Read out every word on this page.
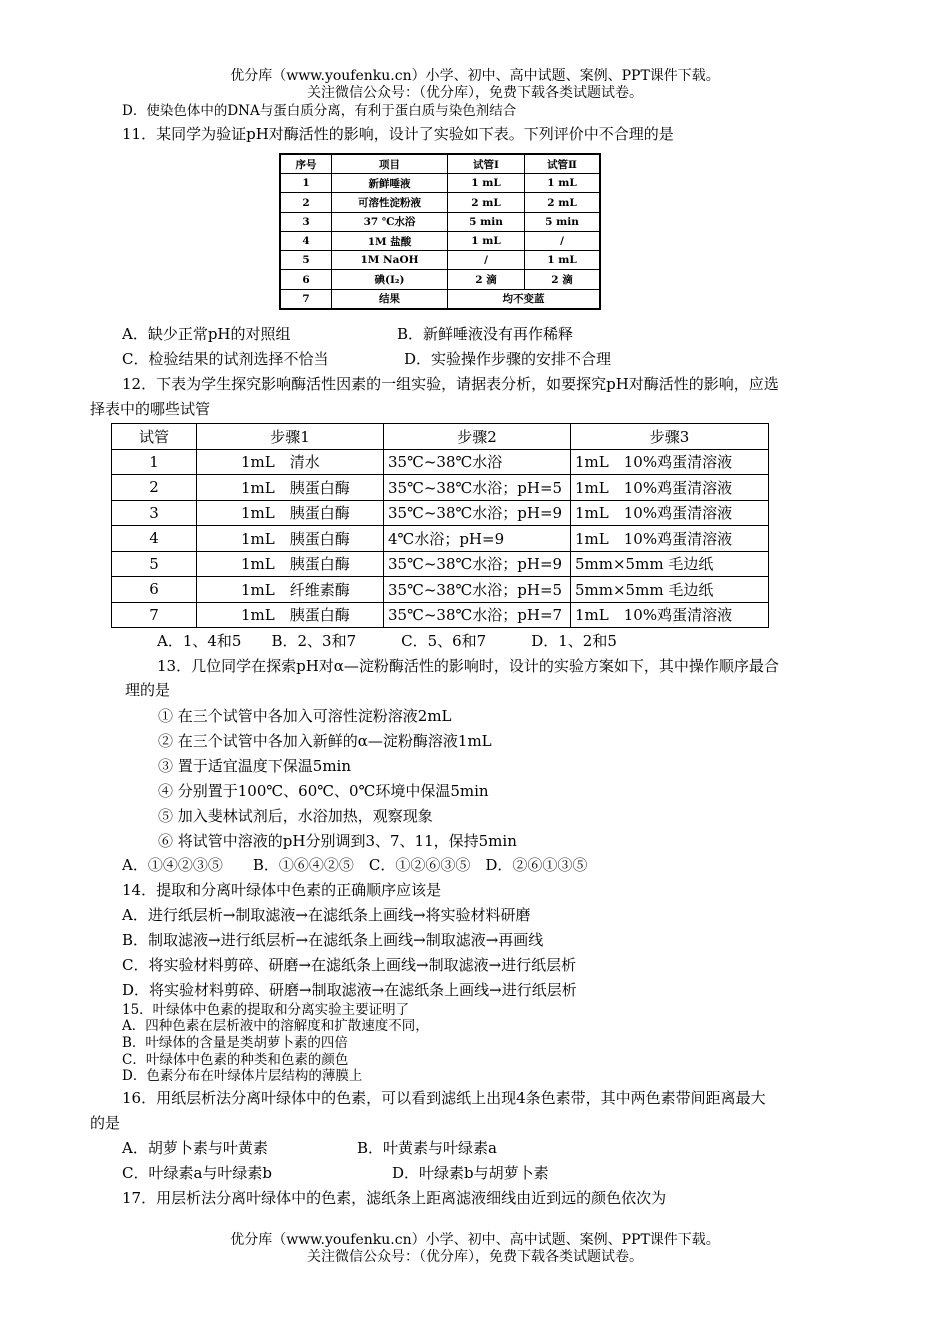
优分库（www.youfenku.cn）小学、初中、高中试题、案例、PPT课件下载。
关注微信公众号：（优分库），免费下载各类试题试卷。
D．使染色体中的DNA与蛋白质分离，有利于蛋白质与染色剂结合
11．某同学为验证pH对酶活性的影响，设计了实验如下表。下列评价中不合理的是
序号	项目	试管Ⅰ	试管Ⅱ
1	新鲜唾液	1 mL	1 mL
2	可溶性淀粉液	2 mL	2 mL
3	37 ℃水浴	5 min	5 min
4	1M 盐酸	1 mL	/
5	1M NaOH	/	1 mL
6	碘(I₂)	2 滴	2 滴
7	结果	均不变蓝	
A．缺少正常pH的对照组	B．新鲜唾液没有再作稀释
C．检验结果的试剂选择不恰当	D．实验操作步骤的安排不合理
12．下表为学生探究影响酶活性因素的一组实验，请据表分析，如要探究pH对酶活性的影响，应选
择表中的哪些试管
试管	步骤1	步骤2	步骤3
1	1mL　清水	35℃~38℃水浴	1mL　10%鸡蛋清溶液
2	1mL　胰蛋白酶	35℃~38℃水浴；pH=5	1mL　10%鸡蛋清溶液
3	1mL　胰蛋白酶	35℃~38℃水浴；pH=9	1mL　10%鸡蛋清溶液
4	1mL　胰蛋白酶	4℃水浴；pH=9	1mL　10%鸡蛋清溶液
5	1mL　胰蛋白酶	35℃~38℃水浴；pH=9	5mm×5mm 毛边纸
6	1mL　纤维素酶	35℃~38℃水浴；pH=5	5mm×5mm 毛边纸
7	1mL　胰蛋白酶	35℃~38℃水浴；pH=7	1mL　10%鸡蛋清溶液
A．1、4和5　　B．2、3和7　　　C．5、6和7　　　D．1、2和5
13．几位同学在探索pH对α—淀粉酶活性的影响时，设计的实验方案如下，其中操作顺序最合
理的是
① 在三个试管中各加入可溶性淀粉溶液2mL
② 在三个试管中各加入新鲜的α—淀粉酶溶液1mL
③ 置于适宜温度下保温5min
④ 分别置于100℃、60℃、0℃环境中保温5min
⑤ 加入斐林试剂后，水浴加热，观察现象
⑥ 将试管中溶液的pH分别调到3、7、11，保持5min
A．①④②③⑤　　B．①⑥④②⑤　C．①②⑥③⑤　D．②⑥①③⑤
14．提取和分离叶绿体中色素的正确顺序应该是
A．进行纸层析→制取滤液→在滤纸条上画线→将实验材料研磨
B．制取滤液→进行纸层析→在滤纸条上画线→制取滤液→再画线
C．将实验材料剪碎、研磨→在滤纸条上画线→制取滤液→进行纸层析
D．将实验材料剪碎、研磨→制取滤液→在滤纸条上画线→进行纸层析
15．叶绿体中色素的提取和分离实验主要证明了
A．四种色素在层析液中的溶解度和扩散速度不同，
B．叶绿体的含量是类胡萝卜素的四倍
C．叶绿体中色素的种类和色素的颜色
D．色素分布在叶绿体片层结构的薄膜上
16．用纸层析法分离叶绿体中的色素，可以看到滤纸上出现4条色素带，其中两色素带间距离最大
的是
A．胡萝卜素与叶黄素	B．叶黄素与叶绿素a
C．叶绿素a与叶绿素b	D．叶绿素b与胡萝卜素
17．用层析法分离叶绿体中的色素，滤纸条上距离滤液细线由近到远的颜色依次为
优分库（www.youfenku.cn）小学、初中、高中试题、案例、PPT课件下载。
关注微信公众号：（优分库），免费下载各类试题试卷。
